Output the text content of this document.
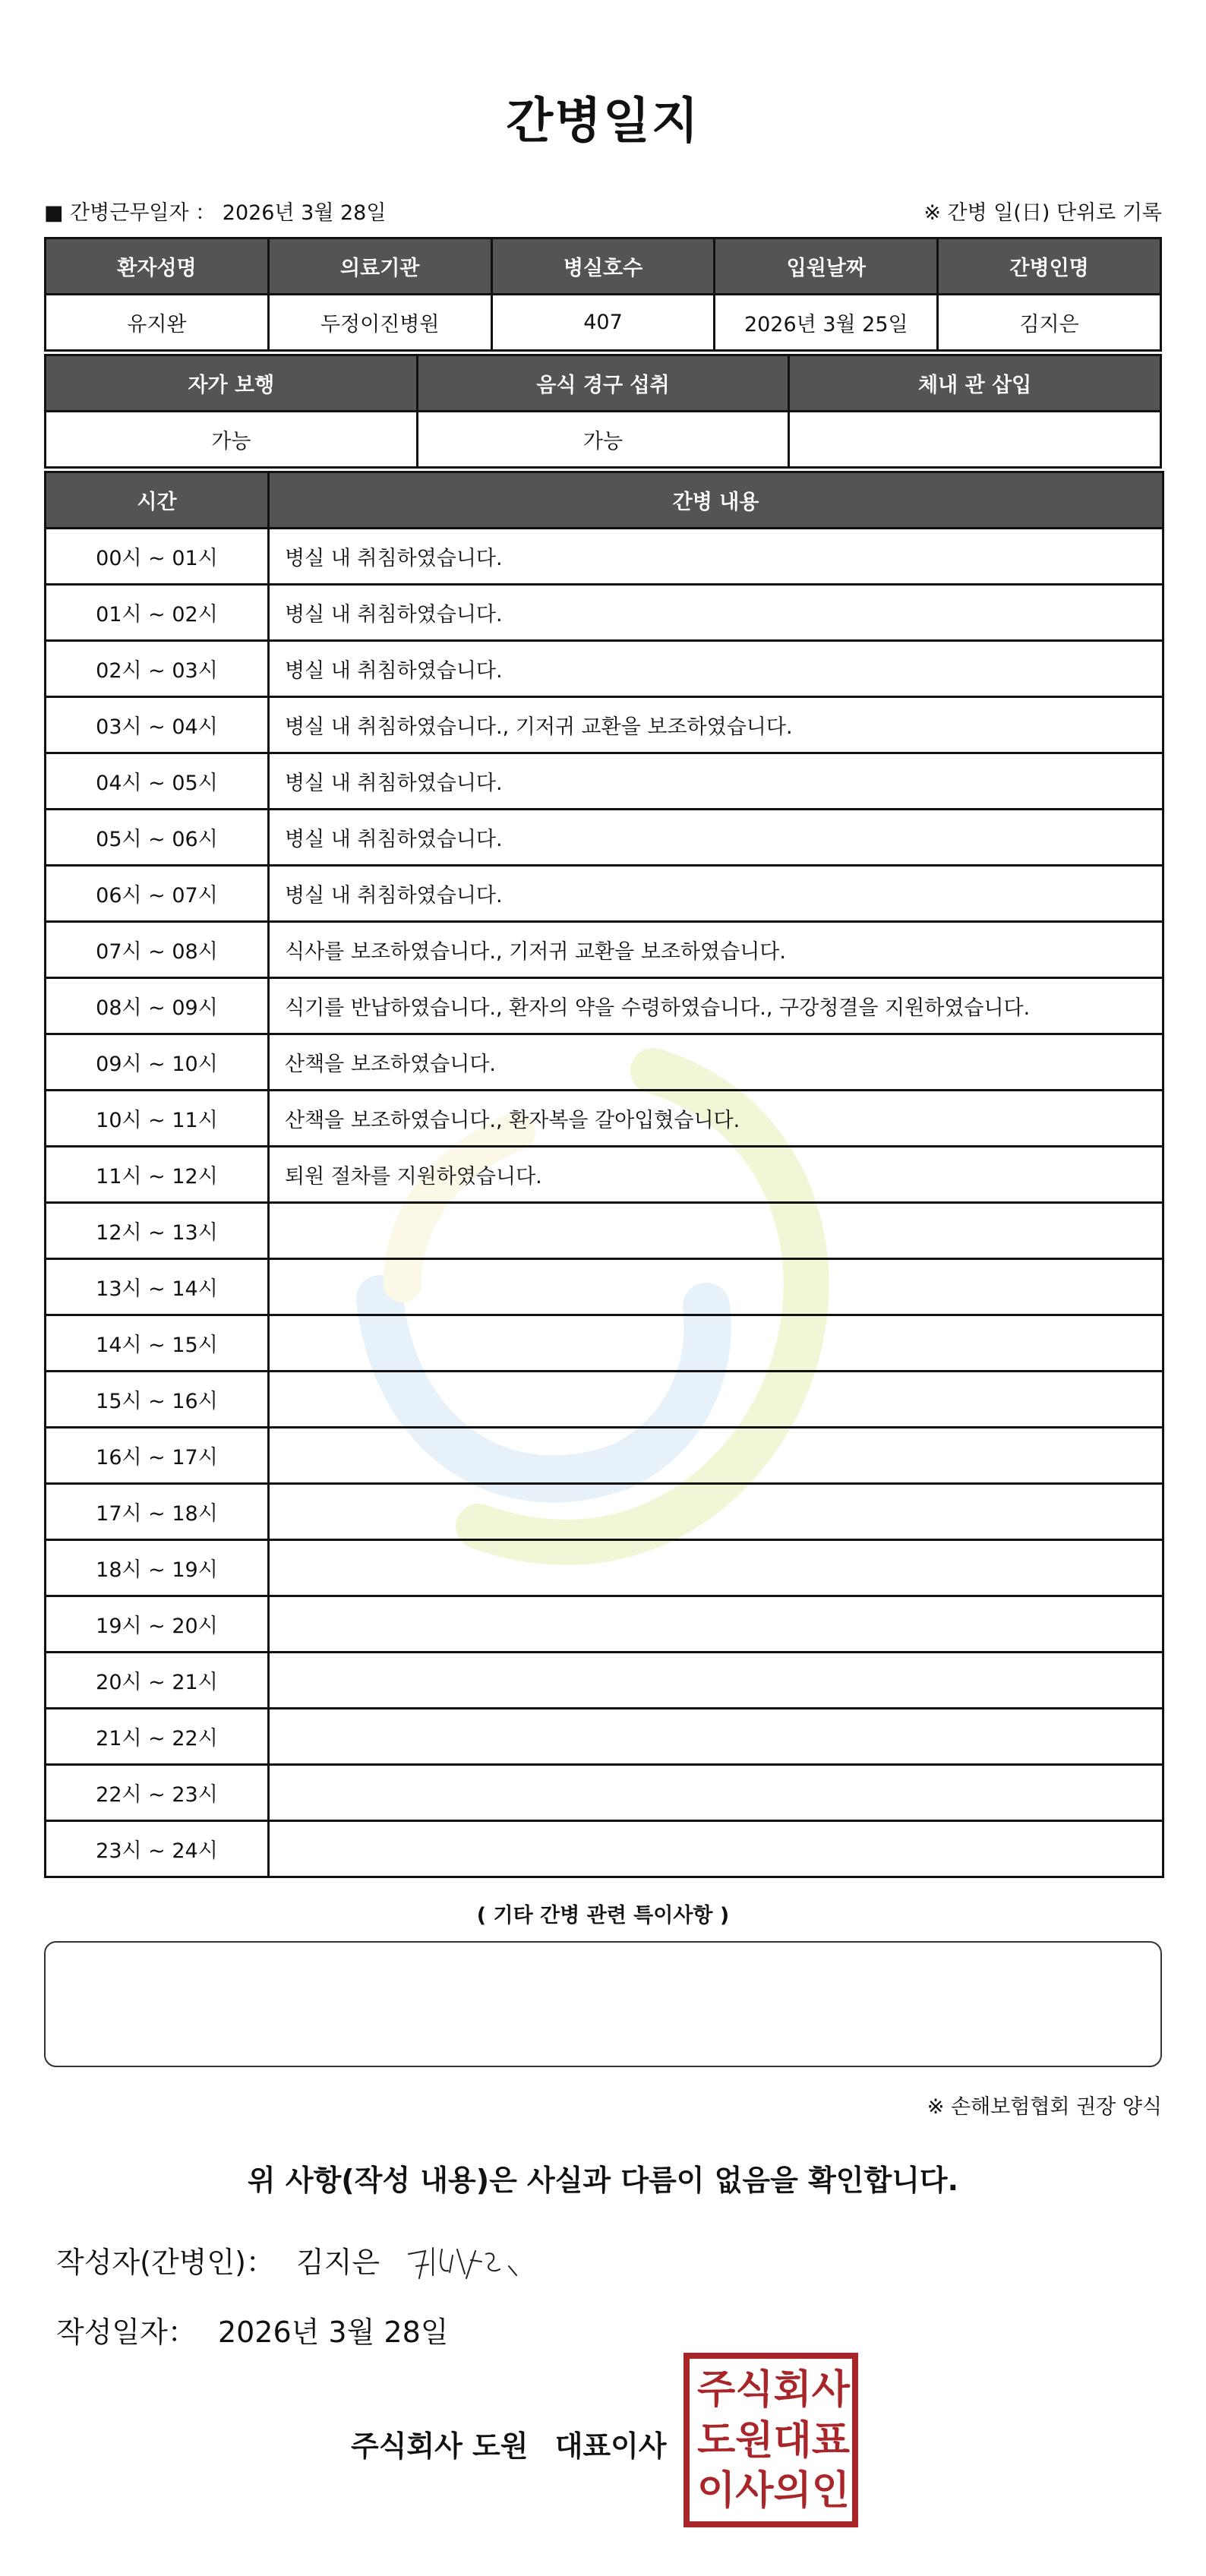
간병일지
■ 간병근무일자 ： 2026년 3월 28일	※ 간병 일(日) 단위로 기록
환자성명	의료기관	병실호수	입원날짜	간병인명
유지완	두정이진병원	407	2026년 3월 25일	김지은
자가 보행	음식 경구 섭취	체내 관 삽입
가능	가능	
시간	간병 내용
00시 ~ 01시	병실 내 취침하였습니다.
01시 ~ 02시	병실 내 취침하였습니다.
02시 ~ 03시	병실 내 취침하였습니다.
03시 ~ 04시	병실 내 취침하였습니다., 기저귀 교환을 보조하였습니다.
04시 ~ 05시	병실 내 취침하였습니다.
05시 ~ 06시	병실 내 취침하였습니다.
06시 ~ 07시	병실 내 취침하였습니다.
07시 ~ 08시	식사를 보조하였습니다., 기저귀 교환을 보조하였습니다.
08시 ~ 09시	식기를 반납하였습니다., 환자의 약을 수령하였습니다., 구강청결을 지원하였습니다.
09시 ~ 10시	산책을 보조하였습니다.
10시 ~ 11시	산책을 보조하였습니다., 환자복을 갈아입혔습니다.
11시 ~ 12시	퇴원 절차를 지원하였습니다.
12시 ~ 13시	
13시 ~ 14시	
14시 ~ 15시	
15시 ~ 16시	
16시 ~ 17시	
17시 ~ 18시	
18시 ~ 19시	
19시 ~ 20시	
20시 ~ 21시	
21시 ~ 22시	
22시 ~ 23시	
23시 ~ 24시	
( 기타 간병 관련 특이사항 )
※ 손해보험협회 권장 양식
위 사항(작성 내용)은 사실과 다름이 없음을 확인합니다.
작성자(간병인)： 김지은
작성일자： 2026년 3월 28일
주식회사 도원 대표이사
주 식 회 사
도 원 대 표
이 사 의 인
